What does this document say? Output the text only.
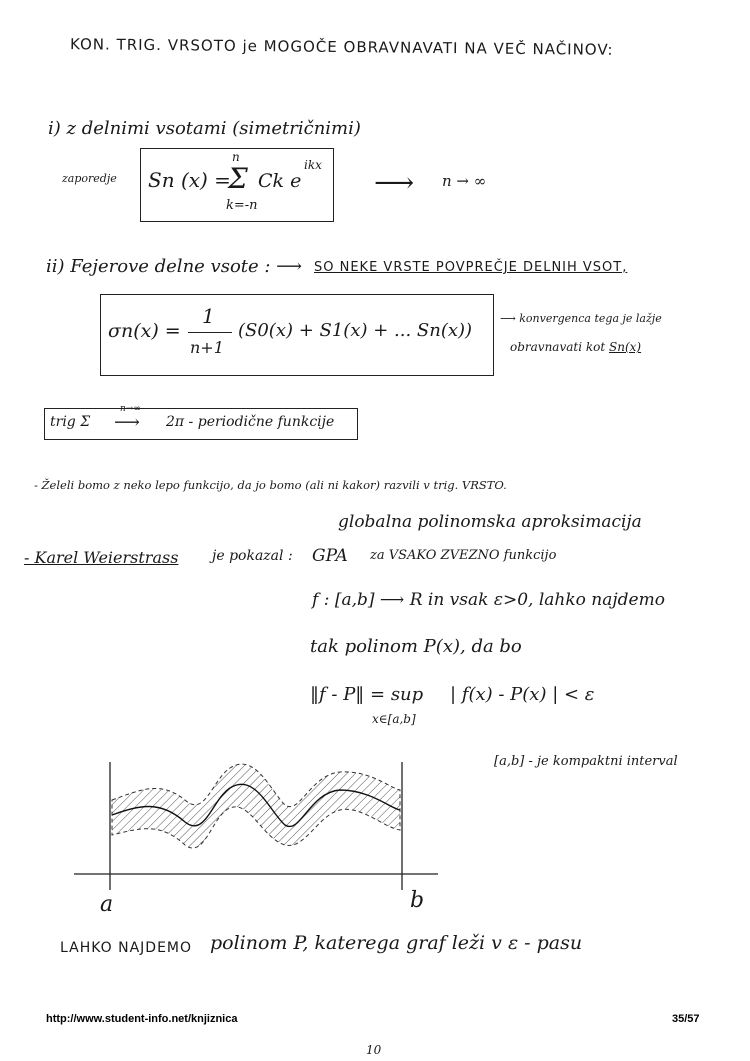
KON. TRIG. VRSOTO je MOGOČE OBRAVNAVATI NA VEČ NAČINOV:
i) z delnimi vsotami (simetričnimi)
zaporedje Sn (x) =
Σ
n
k=-n
Ck e
ikx
⟶ n → ∞
ii) Fejerove delne vsote : ⟶ SO NEKE VRSTE POVPREČJE DELNIH VSOT,
σn(x) =
1
n+1
(S0(x) + S1(x) + ... Sn(x))
⟶ konvergenca tega je lažje
obravnavati kot Sn(x)
trig Σ
n→∞
⟶ 2π - periodične funkcije
- Želeli bomo z neko lepo funkcijo, da jo bomo (ali ni kakor) razvili v trig. VRSTO.
globalna polinomska aproksimacija
- Karel Weierstrass je pokazal : GPA za VSAKO ZVEZNO funkcijo
f : [a,b] ⟶ R in vsak ε>0, lahko najdemo
tak polinom P(x), da bo
‖f - P‖ = sup
x∈[a,b]
| f(x) - P(x) | < ε
[a,b] - je kompaktni interval
a	b
LAHKO NAJDEMO polinom P, katerega graf leži v ε - pasu
http://www.student-info.net/knjiznica	35/57
10
